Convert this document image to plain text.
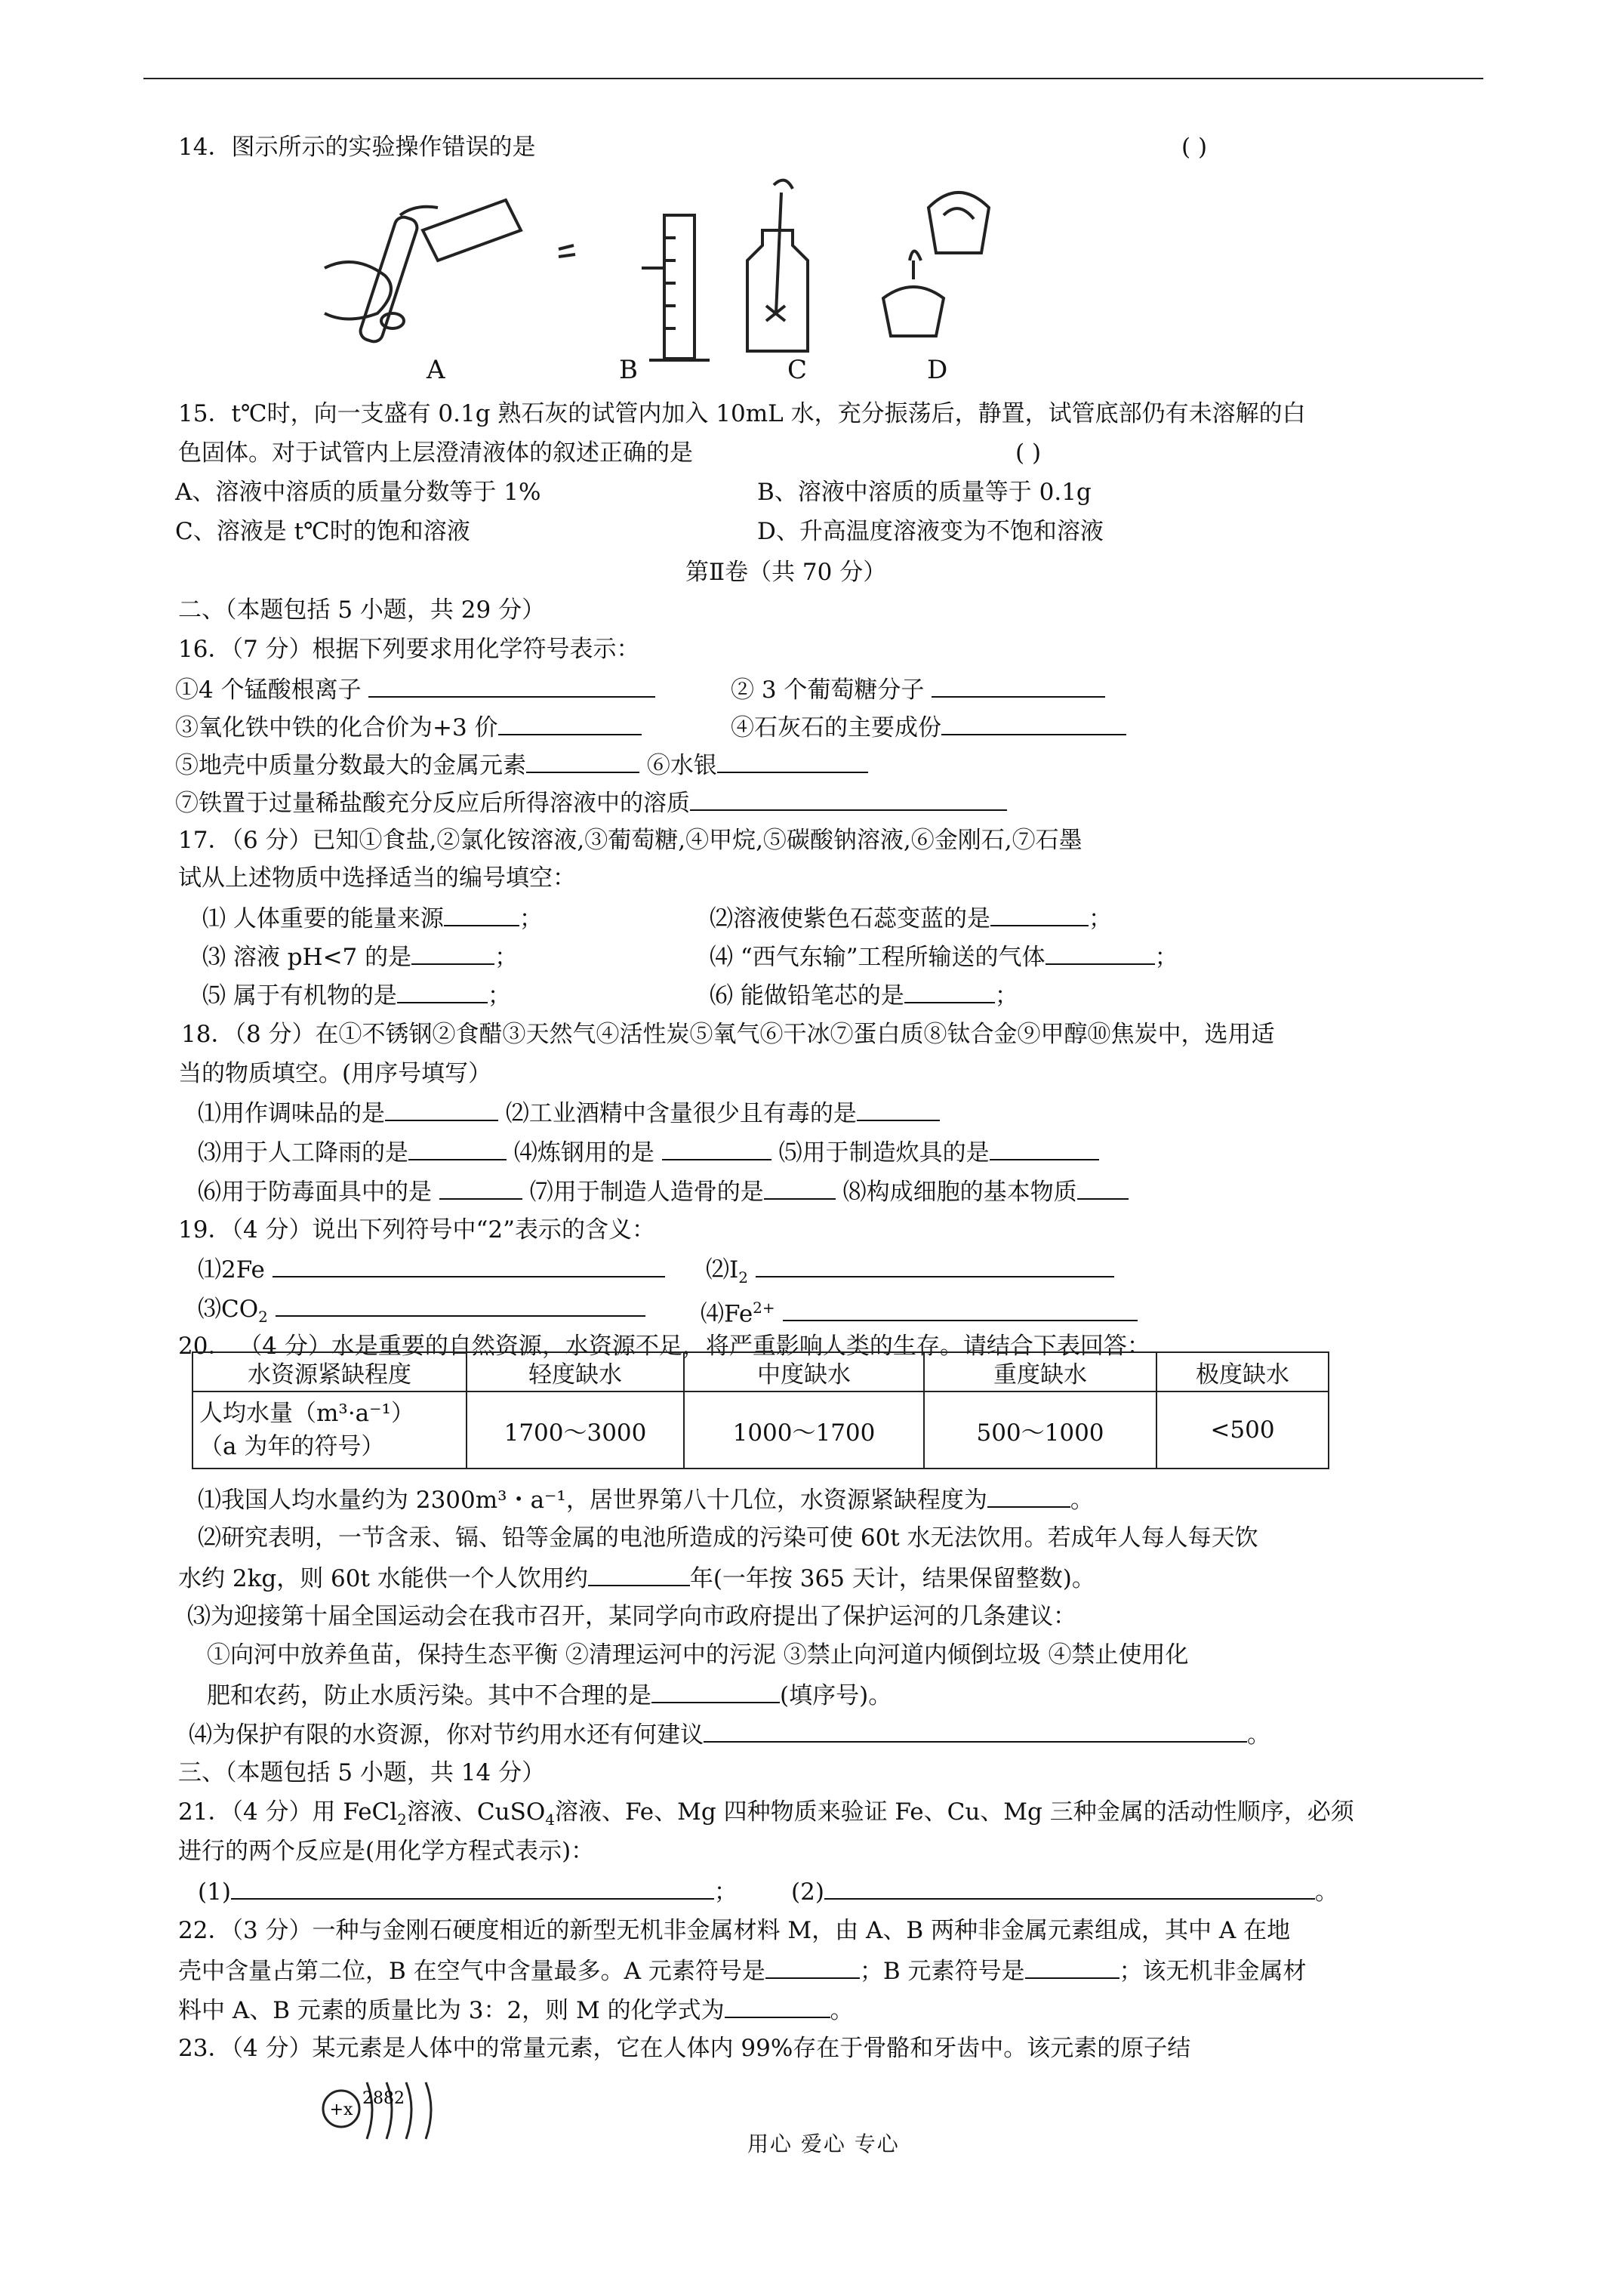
14．图示所示的实验操作错误的是	( )
A	B	C	D
15．t℃时，向一支盛有 0.1g 熟石灰的试管内加入 10mL 水，充分振荡后，静置，试管底部仍有未溶解的白
色固体。对于试管内上层澄清液体的叙述正确的是	( )
A、溶液中溶质的质量分数等于 1%	B、溶液中溶质的质量等于 0.1g
C、溶液是 t℃时的饱和溶液	D、升高温度溶液变为不饱和溶液
第Ⅱ卷（共 70 分）
二、（本题包括 5 小题，共 29 分）
16．（7 分）根据下列要求用化学符号表示：
①4 个锰酸根离子	② 3 个葡萄糖分子
③氧化铁中铁的化合价为+3 价	④石灰石的主要成份
⑤地壳中质量分数最大的金属元素	⑥水银
⑦铁置于过量稀盐酸充分反应后所得溶液中的溶质
17．（6 分）已知①食盐,②氯化铵溶液,③葡萄糖,④甲烷,⑤碳酸钠溶液,⑥金刚石,⑦石墨
试从上述物质中选择适当的编号填空：
⑴ 人体重要的能量来源	；	⑵溶液使紫色石蕊变蓝的是	；
⑶ 溶液 pH<7 的是	；	⑷ “西气东输”工程所输送的气体	；
⑸ 属于有机物的是	；	⑹ 能做铅笔芯的是	；
18．（8 分）在①不锈钢②食醋③天然气④活性炭⑤氧气⑥干冰⑦蛋白质⑧钛合金⑨甲醇⑩焦炭中，选用适
当的物质填空。(用序号填写）
⑴用作调味品的是	⑵工业酒精中含量很少且有毒的是
⑶用于人工降雨的是	⑷炼钢用的是	⑸用于制造炊具的是
⑹用于防毒面具中的是	⑺用于制造人造骨的是	⑻构成细胞的基本物质
19．（4 分）说出下列符号中“2”表示的含义：
⑴2Fe	$⑵I_2$
$⑶CO_2$	$⑷Fe^{2+}$
20． （4 分）水是重要的自然资源，水资源不足，将严重影响人类的生存。请结合下表回答：
水资源紧缺程度	轻度缺水	中度缺水	重度缺水	极度缺水

人均水量（m³·a⁻¹）
（a 为年的符号）	1700～3000	1000～1700	500～1000	<500
⑴我国人均水量约为 2300m³・a⁻¹，居世界第八十几位，水资源紧缺程度为	。
⑵研究表明，一节含汞、镉、铅等金属的电池所造成的污染可使 60t 水无法饮用。若成年人每人每天饮
水约 2kg，则 60t 水能供一个人饮用约	年(一年按 365 天计，结果保留整数)。
⑶为迎接第十届全国运动会在我市召开，某同学向市政府提出了保护运河的几条建议：
①向河中放养鱼苗，保持生态平衡 ②清理运河中的污泥 ③禁止向河道内倾倒垃圾 ④禁止使用化
肥和农药，防止水质污染。其中不合理的是	(填序号)。
⑷为保护有限的水资源，你对节约用水还有何建议	。
三、（本题包括 5 小题，共 14 分）
21．（4 分）用 FeCl$_2$溶液、CuSO$_4$溶液、Fe、Mg 四种物质来验证 Fe、Cu、Mg 三种金属的活动性顺序，必须
进行的两个反应是(用化学方程式表示)：
(1)	； (2)	。
22．（3 分）一种与金刚石硬度相近的新型无机非金属材料 M，由 A、B 两种非金属元素组成，其中 A 在地
壳中含量占第二位，B 在空气中含量最多。A 元素符号是	；B 元素符号是	；该无机非金属材
料中 A、B 元素的质量比为 3：2，则 M 的化学式为	。
23．（4 分）某元素是人体中的常量元素，它在人体内 99%存在于骨骼和牙齿中。该元素的原子结
+x
2882
用心 爱心 专心
